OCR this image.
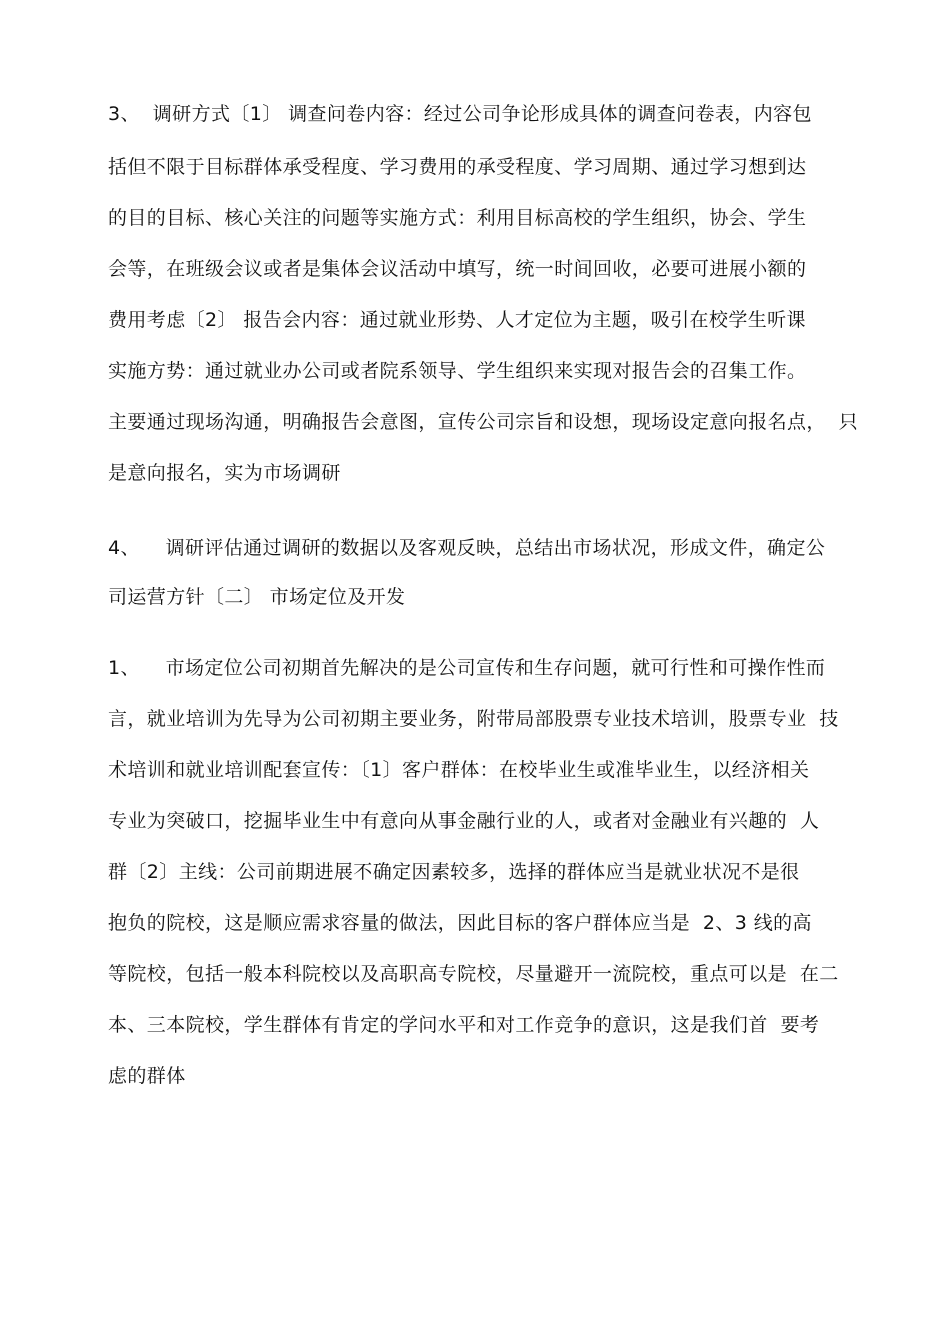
3、  调研方式〔1〕 调查问卷内容：经过公司争论形成具体的调查问卷表，内容包
括但不限于目标群体承受程度、学习费用的承受程度、学习周期、通过学习想到达
的目的目标、核心关注的问题等实施方式：利用目标高校的学生组织，协会、学生
会等，在班级会议或者是集体会议活动中填写，统一时间回收，必要可进展小额的
费用考虑〔2〕 报告会内容：通过就业形势、人才定位为主题，吸引在校学生听课
实施方势：通过就业办公司或者院系领导、学生组织来实现对报告会的召集工作。
主要通过现场沟通，明确报告会意图，宣传公司宗旨和设想，现场设定意向报名点，  只
是意向报名，实为市场调研
4、    调研评估通过调研的数据以及客观反映，总结出市场状况，形成文件，确定公
司运营方针〔二〕 市场定位及开发
1、    市场定位公司初期首先解决的是公司宣传和生存问题，就可行性和可操作性而
言，就业培训为先导为公司初期主要业务，附带局部股票专业技术培训，股票专业  技
术培训和就业培训配套宣传：〔1〕客户群体：在校毕业生或准毕业生，以经济相关
专业为突破口，挖掘毕业生中有意向从事金融行业的人，或者对金融业有兴趣的  人
群〔2〕主线：公司前期进展不确定因素较多，选择的群体应当是就业状况不是很
抱负的院校，这是顺应需求容量的做法，因此目标的客户群体应当是  2、3 线的高
等院校，包括一般本科院校以及高职高专院校，尽量避开一流院校，重点可以是  在二
本、三本院校，学生群体有肯定的学问水平和对工作竞争的意识，这是我们首  要考
虑的群体
